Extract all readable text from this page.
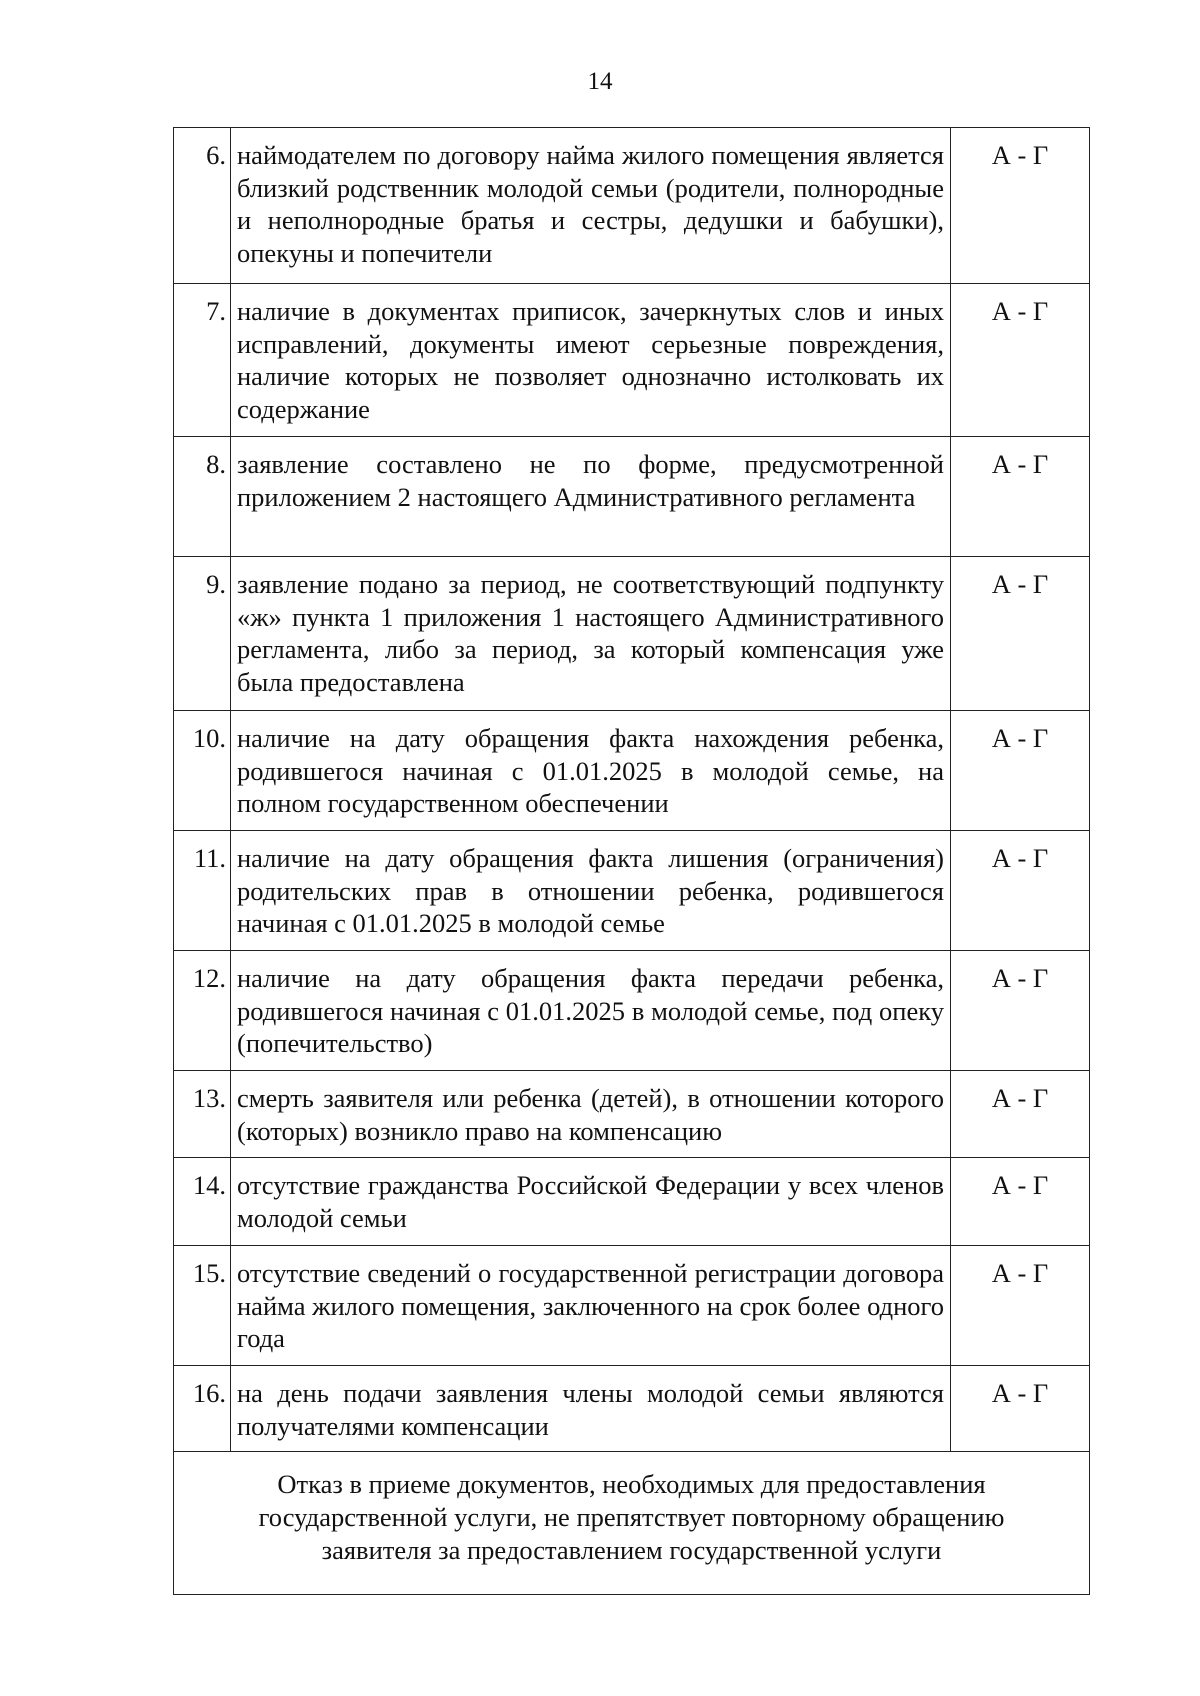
14
6.	наймодателем по договору найма жилого помещения является близкий родственник молодой семьи (родители, полнородные и неполнородные братья и сестры, дедушки и бабушки), опекуны и попечители	А - Г
7.	наличие в документах приписок, зачеркнутых слов и иных исправлений, документы имеют серьезные повреждения, наличие которых не позволяет однозначно истолковать их содержание	А - Г
8.	заявление составлено не по форме, предусмотренной приложением 2 настоящего Административного регламента	А - Г
9.	заявление подано за период, не соответствующий подпункту «ж» пункта 1 приложения 1 настоящего Административного регламента, либо за период, за который компенсация уже была предоставлена	А - Г
10.	наличие на дату обращения факта нахождения ребенка, родившегося начиная с 01.01.2025 в молодой семье, на полном государственном обеспечении	А - Г
11.	наличие на дату обращения факта лишения (ограничения) родительских прав в отношении ребенка, родившегося начиная с 01.01.2025 в молодой семье	А - Г
12.	наличие на дату обращения факта передачи ребенка, родившегося начиная с 01.01.2025 в молодой семье, под опеку (попечительство)	А - Г
13.	смерть заявителя или ребенка (детей), в отношении которого (которых) возникло право на компенсацию	А - Г
14.	отсутствие гражданства Российской Федерации у всех членов молодой семьи	А - Г
15.	отсутствие сведений о государственной регистрации договора найма жилого помещения, заключенного на срок более одного года	А - Г
16.	на день подачи заявления члены молодой семьи являются получателями компенсации	А - Г
Отказ в приеме документов, необходимых для предоставления государственной услуги, не препятствует повторному обращению заявителя за предоставлением государственной услуги		
